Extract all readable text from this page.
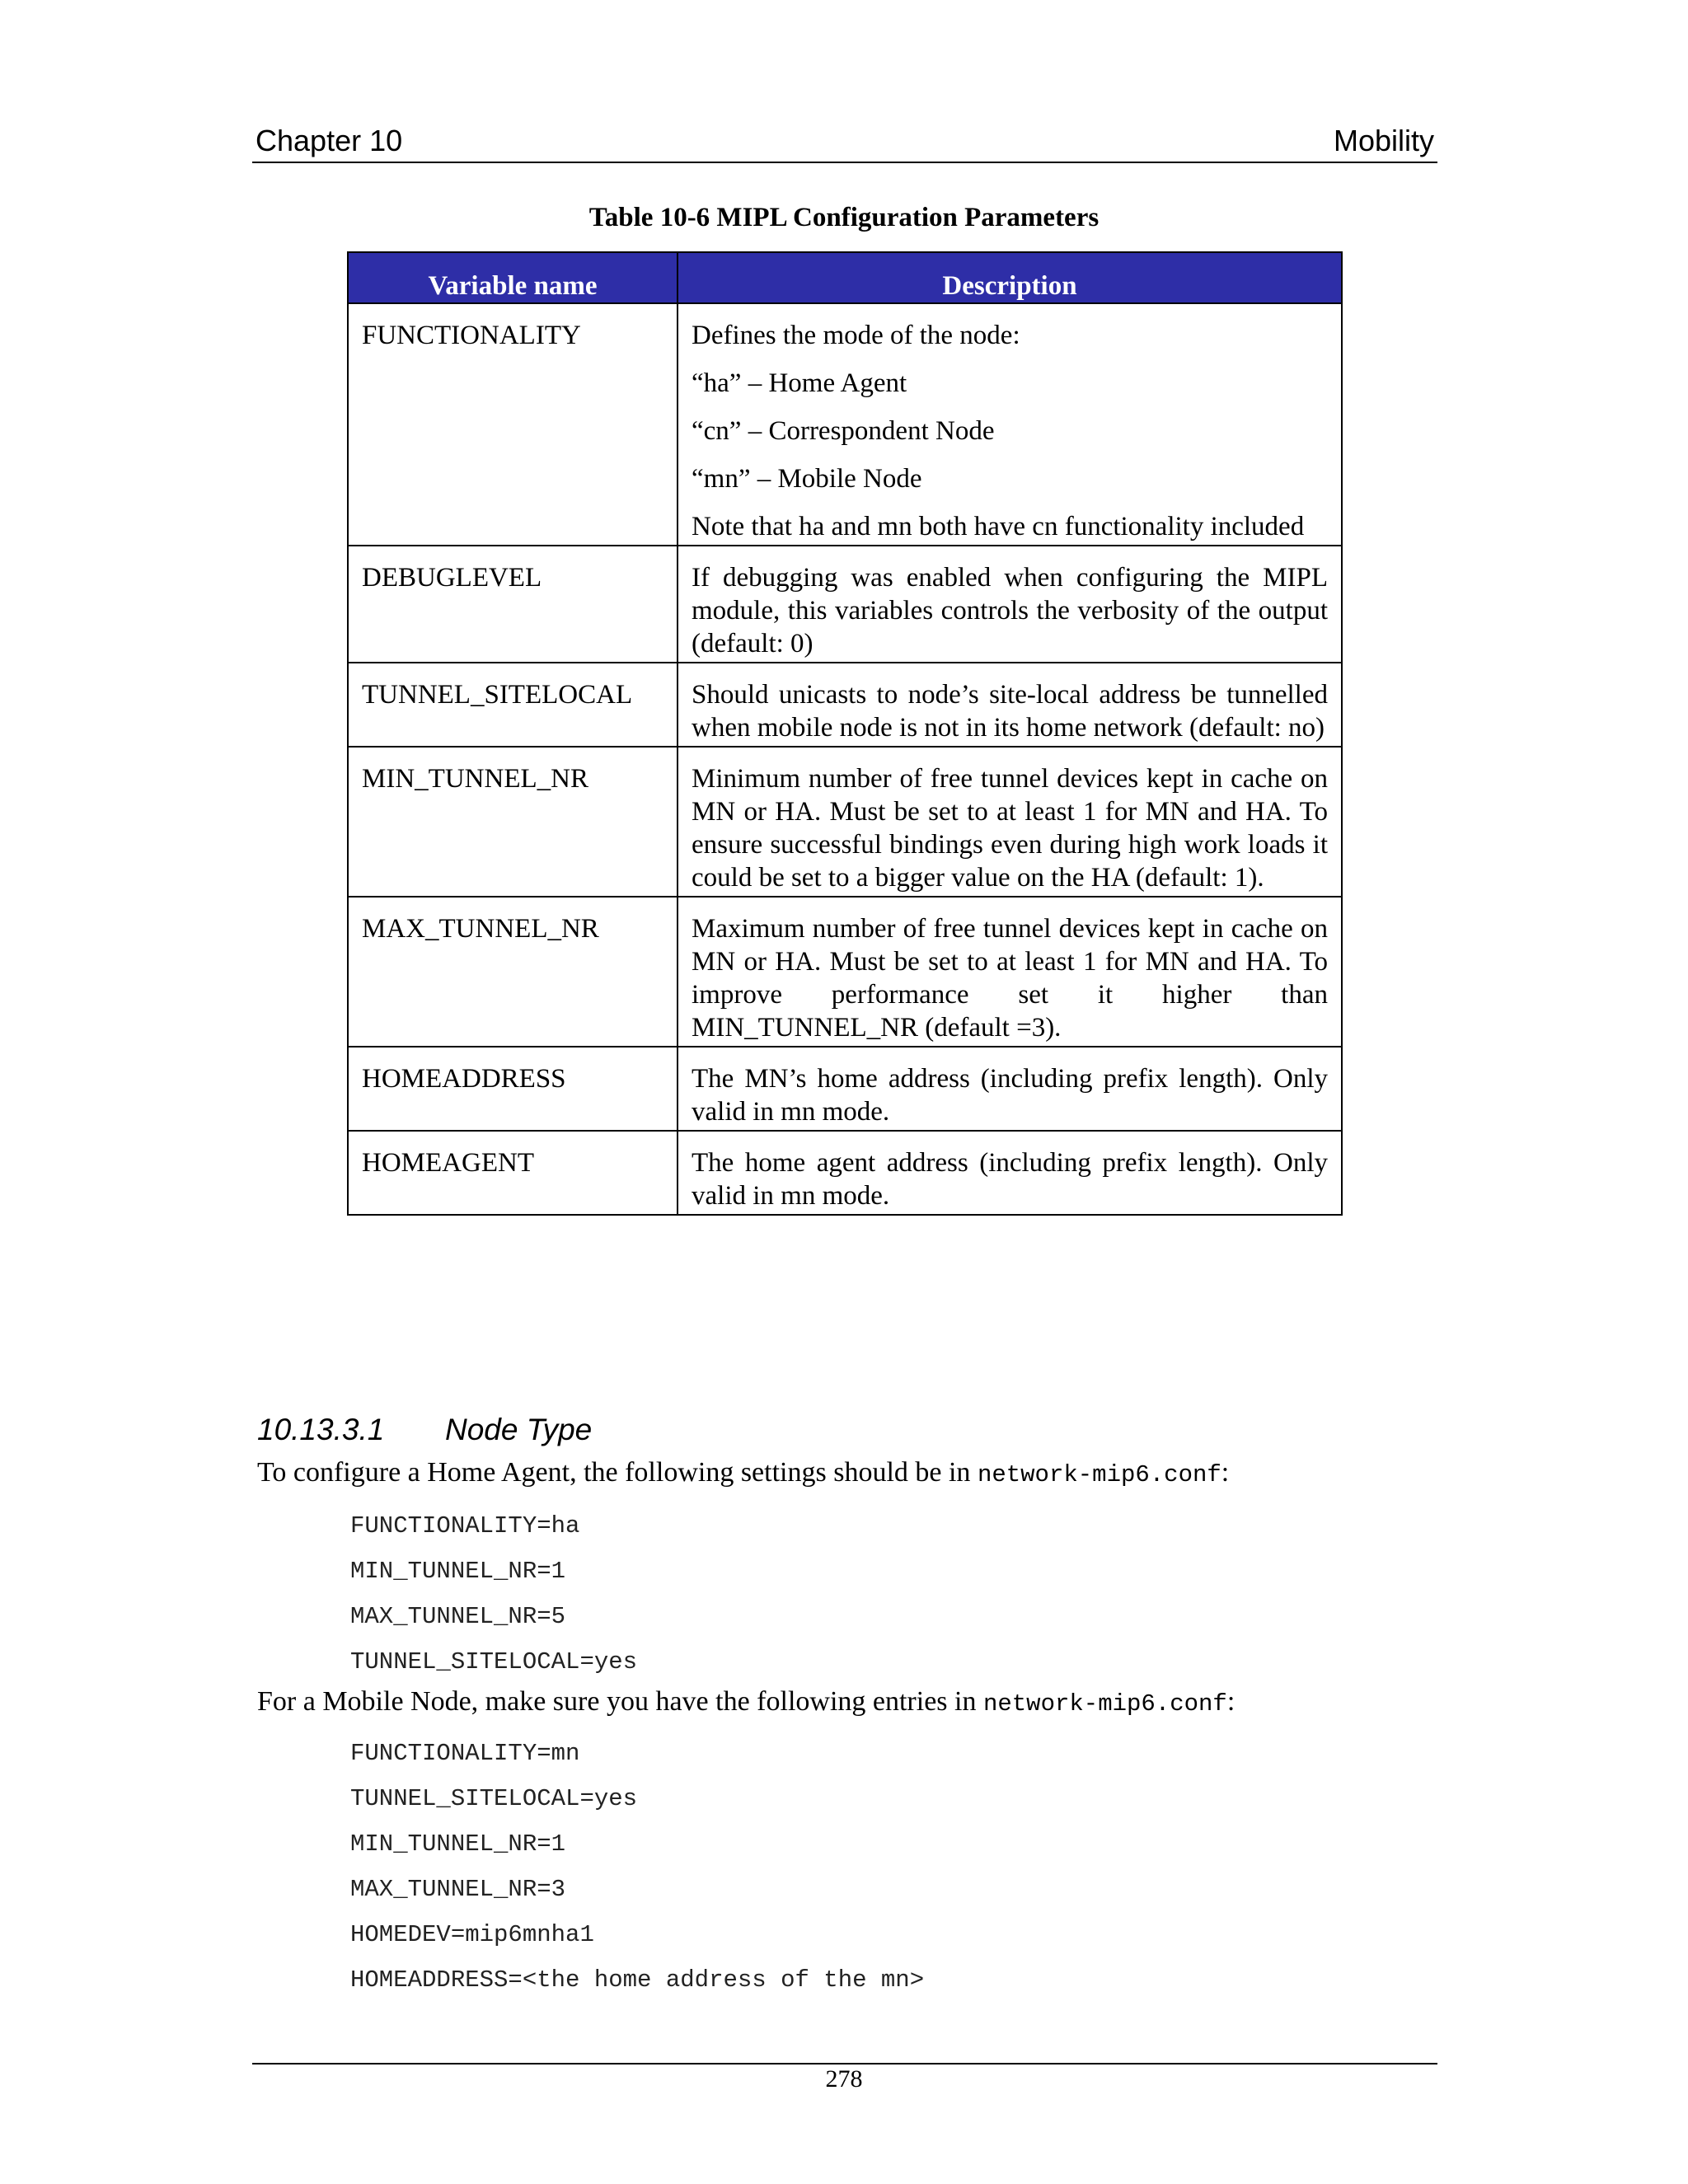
Chapter 10	Mobility
Table 10-6 MIPL Configuration Parameters
Variable name	Description
FUNCTIONALITY	Defines the mode of the node:
“ha” – Home Agent
“cn” – Correspondent Node
“mn” – Mobile Node
Note that ha and mn both have cn functionality included

DEBUGLEVEL	If debugging was enabled when configuring the MIPL module, this variables controls the verbosity of the output (default: 0)

TUNNEL_SITELOCAL	Should unicasts to node’s site-local address be tunnelled when mobile node is not in its home network (default: no)

MIN_TUNNEL_NR	Minimum number of free tunnel devices kept in cache on MN or HA. Must be set to at least 1 for MN and HA. To ensure successful bindings even during high work loads it could be set to a bigger value on the HA (default: 1).

MAX_TUNNEL_NR	Maximum number of free tunnel devices kept in cache on MN or HA. Must be set to at least 1 for MN and HA. To improve performance set it higher than MIN_TUNNEL_NR (default =3).

HOMEADDRESS	The MN’s home address (including prefix length). Only valid in mn mode.

HOMEAGENT	The home agent address (including prefix length). Only valid in mn mode.
10.13.3.1 Node Type
To configure a Home Agent, the following settings should be in network-mip6.conf:
FUNCTIONALITY=ha
MIN_TUNNEL_NR=1
MAX_TUNNEL_NR=5
TUNNEL_SITELOCAL=yes
For a Mobile Node, make sure you have the following entries in network-mip6.conf:
FUNCTIONALITY=mn
TUNNEL_SITELOCAL=yes
MIN_TUNNEL_NR=1
MAX_TUNNEL_NR=3
HOMEDEV=mip6mnha1
HOMEADDRESS=<the home address of the mn>
278
